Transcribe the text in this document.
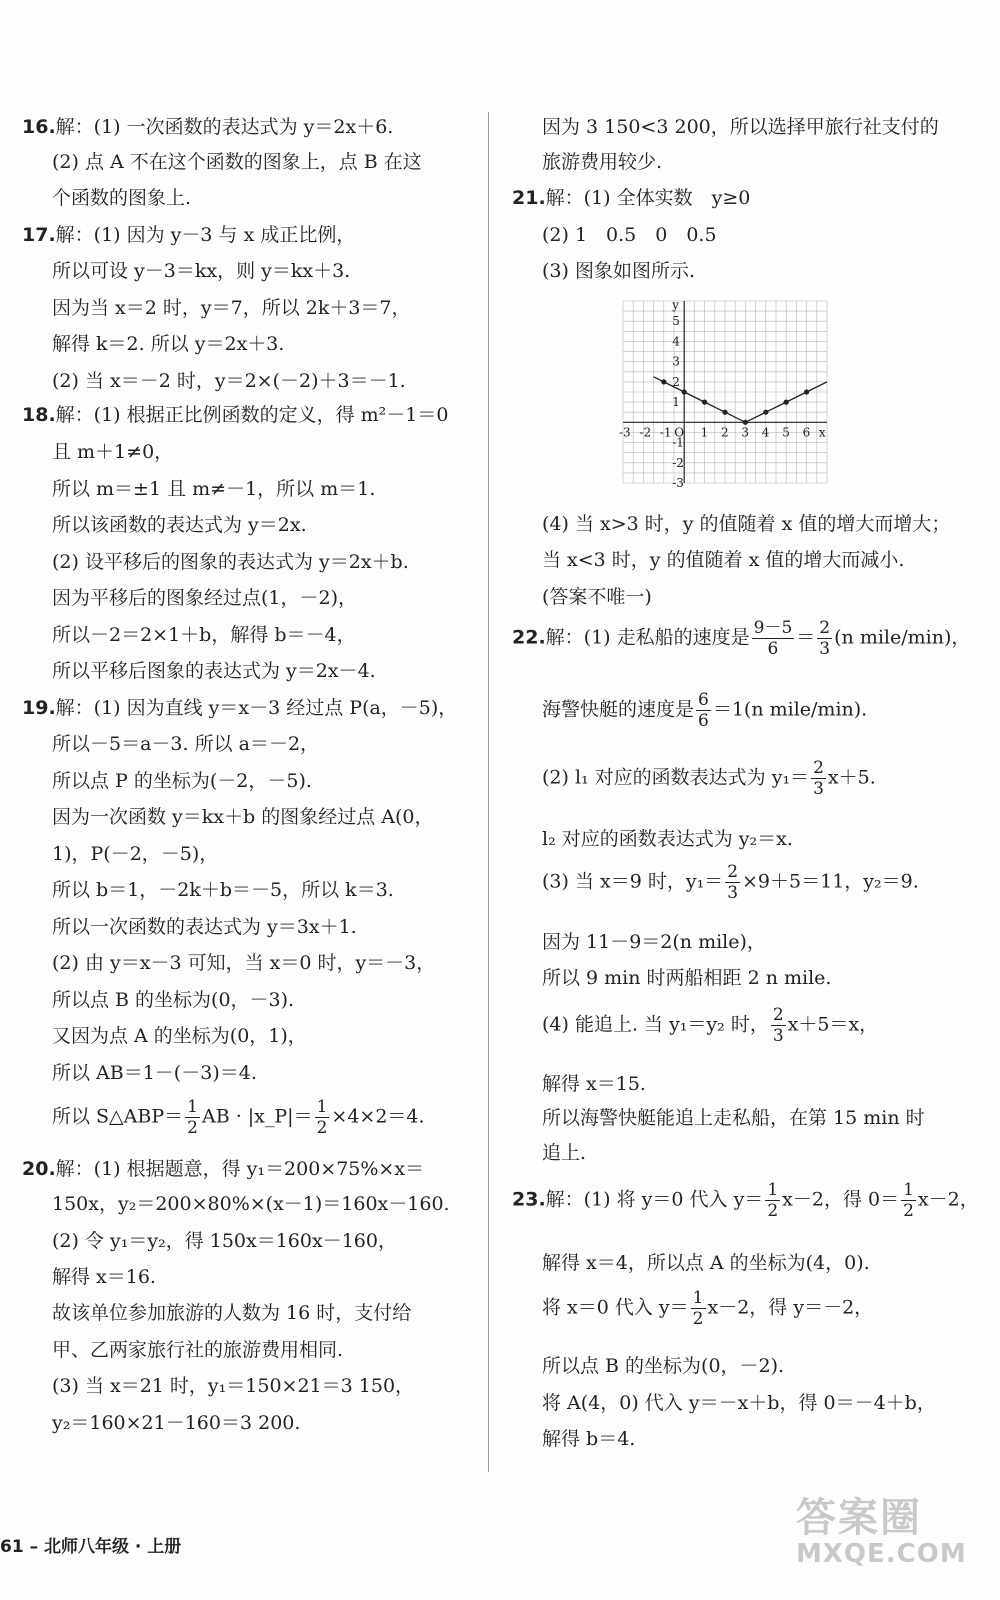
16.解：(1) 一次函数的表达式为 y＝2x＋6.
(2) 点 A 不在这个函数的图象上，点 B 在这
个函数的图象上.
17.解：(1) 因为 y－3 与 x 成正比例，
所以可设 y－3＝kx，则 y＝kx＋3.
因为当 x＝2 时，y＝7，所以 2k＋3＝7，
解得 k＝2. 所以 y＝2x＋3.
(2) 当 x＝－2 时，y＝2×(－2)＋3＝－1.
18.解：(1) 根据正比例函数的定义，得 m²－1＝0
且 m＋1≠0，
所以 m＝±1 且 m≠－1，所以 m＝1.
所以该函数的表达式为 y＝2x.
(2) 设平移后的图象的表达式为 y＝2x＋b.
因为平移后的图象经过点(1，－2)，
所以－2＝2×1＋b，解得 b＝－4，
所以平移后图象的表达式为 y＝2x－4.
19.解：(1) 因为直线 y＝x－3 经过点 P(a，－5)，
所以－5＝a－3. 所以 a＝－2，
所以点 P 的坐标为(－2，－5).
因为一次函数 y＝kx＋b 的图象经过点 A(0，
1)，P(－2，－5)，
所以 b＝1，－2k＋b＝－5，所以 k＝3.
所以一次函数的表达式为 y＝3x＋1.
(2) 由 y＝x－3 可知，当 x＝0 时，y＝－3，
所以点 B 的坐标为(0，－3).
又因为点 A 的坐标为(0，1)，
所以 AB＝1－(－3)＝4.
所以 S△ABP＝ $\frac{1}{2}$ AB · |x_P|＝ $\frac{1}{2} \times 4\times 2=4$.
20.解：(1) 根据题意，得 y₁＝200×75%×x＝
150x，y₂＝200×80%×(x－1)＝160x－160.
(2) 令 y₁＝y₂，得 150x＝160x－160，
解得 x＝16.
故该单位参加旅游的人数为 16 时，支付给
甲、乙两家旅行社的旅游费用相同.
(3) 当 x＝21 时，y₁＝150×21＝3 150，
y₂＝160×21－160＝3 200.
因为 3 150<3 200，所以选择甲旅行社支付的
旅游费用较少.
21.解：(1) 全体实数　y≥0
(2) 1　0.5　0　0.5
(3) 图象如图所示.
(4) 当 x>3 时，y 的值随着 x 值的增大而增大；
当 x<3 时，y 的值随着 x 值的增大而减小.
(答案不唯一)
22.解：(1) 走私船的速度是 $\frac{9-5}{6} = \frac{2}{3} (n$ mile/min)，
海警快艇的速度是 $\frac{6}{6} =1(n$ mile/min).
(2) l₁ 对应的函数表达式为 $y_1= \frac{2}{3} x+5$.
l₂ 对应的函数表达式为 y₂＝x.
(3) 当 x＝9 时，$y_1= \frac{2}{3} \times 9+5=11$，y₂＝9.
因为 11－9＝2(n mile)，
所以 9 min 时两船相距 2 n mile.
(4) 能追上. 当 y₁＝y₂ 时， $\frac{2}{3} x+5=x$，
解得 x＝15.
所以海警快艇能追上走私船，在第 15 min 时
追上.
23.解：(1) 将 y＝0 代入 $y= \frac{1}{2} x-2$，得 $0= \frac{1}{2} x-2$，
解得 x＝4，所以点 A 的坐标为(4，0).
将 x＝0 代入 $y= \frac{1}{2} x-2$，得 y＝－2，
所以点 B 的坐标为(0，－2).
将 A(4，0) 代入 y＝－x＋b，得 0＝－4＋b，
解得 b＝4.
-3 -2 -1 O 1 2 3 4 5 6 x
y
5
4
3
2
1
-1
-2
-3
61 – 北师八年级 · 上册
答案圈
MXQE.COM
